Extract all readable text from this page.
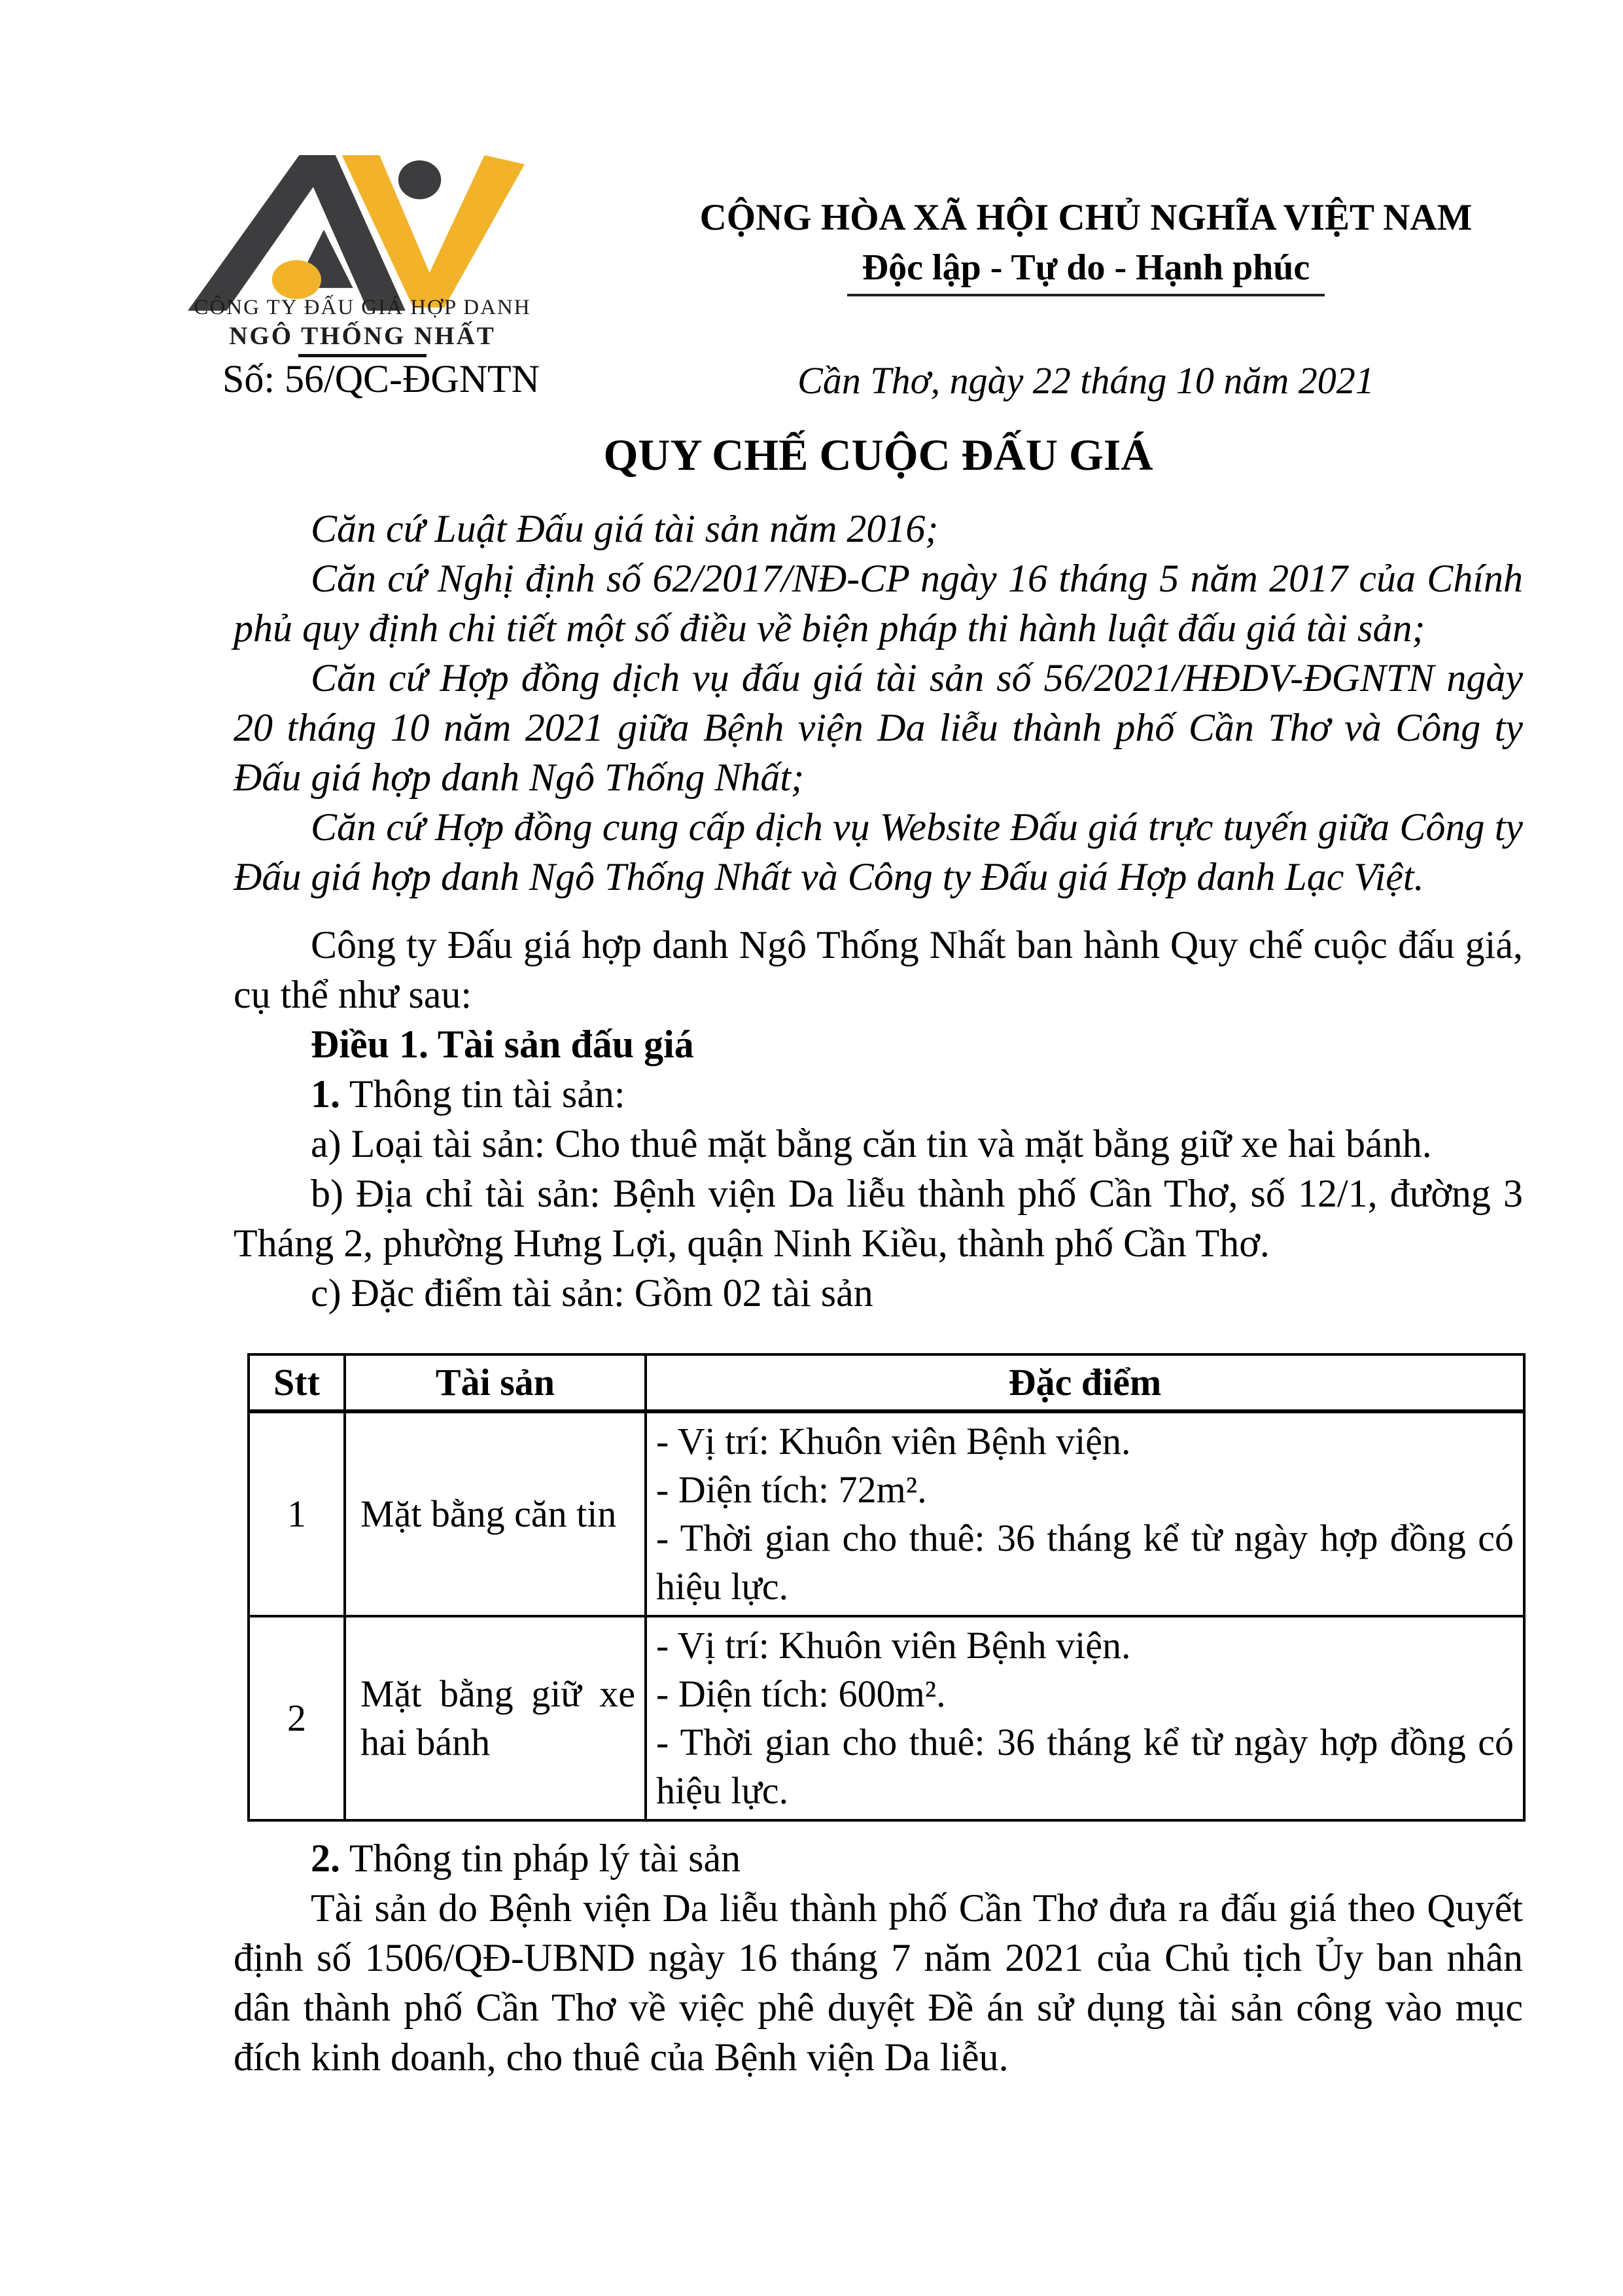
CÔNG TY ĐẤU GIÁ HỢP DANH
NGÔ THỐNG NHẤT
Số: 56/QC-ĐGNTN
CỘNG HÒA XÃ HỘI CHỦ NGHĨA VIỆT NAM
Độc lập - Tự do - Hạnh phúc
Cần Thơ, ngày 22 tháng 10 năm 2021
QUY CHẾ CUỘC ĐẤU GIÁ

Căn cứ Luật Đấu giá tài sản năm 2016;

Căn cứ Nghị định số 62/2017/NĐ-CP ngày 16 tháng 5 năm 2017 của Chính phủ quy định chi tiết một số điều về biện pháp thi hành luật đấu giá tài sản;

Căn cứ Hợp đồng dịch vụ đấu giá tài sản số 56/2021/HĐDV-ĐGNTN ngày 20 tháng 10 năm 2021 giữa Bệnh viện Da liễu thành phố Cần Thơ và Công ty Đấu giá hợp danh Ngô Thống Nhất;

Căn cứ Hợp đồng cung cấp dịch vụ Website Đấu giá trực tuyến giữa Công ty Đấu giá hợp danh Ngô Thống Nhất và Công ty Đấu giá Hợp danh Lạc Việt.

Công ty Đấu giá hợp danh Ngô Thống Nhất ban hành Quy chế cuộc đấu giá, cụ thể như sau:

Điều 1. Tài sản đấu giá

1. Thông tin tài sản:

a) Loại tài sản: Cho thuê mặt bằng căn tin và mặt bằng giữ xe hai bánh.

b) Địa chỉ tài sản: Bệnh viện Da liễu thành phố Cần Thơ, số 12/1, đường 3 Tháng 2, phường Hưng Lợi, quận Ninh Kiều, thành phố Cần Thơ.

c) Đặc điểm tài sản: Gồm 02 tài sản

Stt	Tài sản	Đặc điểm
1	Mặt bằng căn tin	- Vị trí: Khuôn viên Bệnh viện.
- Diện tích: 72m².
- Thời gian cho thuê: 36 tháng kể từ ngày hợp đồng có hiệu lực.

2	Mặt bằng giữ xe hai bánh	- Vị trí: Khuôn viên Bệnh viện.
- Diện tích: 600m².
- Thời gian cho thuê: 36 tháng kể từ ngày hợp đồng có hiệu lực.

2. Thông tin pháp lý tài sản

Tài sản do Bệnh viện Da liễu thành phố Cần Thơ đưa ra đấu giá theo Quyết định số 1506/QĐ-UBND ngày 16 tháng 7 năm 2021 của Chủ tịch Ủy ban nhân dân thành phố Cần Thơ về việc phê duyệt Đề án sử dụng tài sản công vào mục đích kinh doanh, cho thuê của Bệnh viện Da liễu.
